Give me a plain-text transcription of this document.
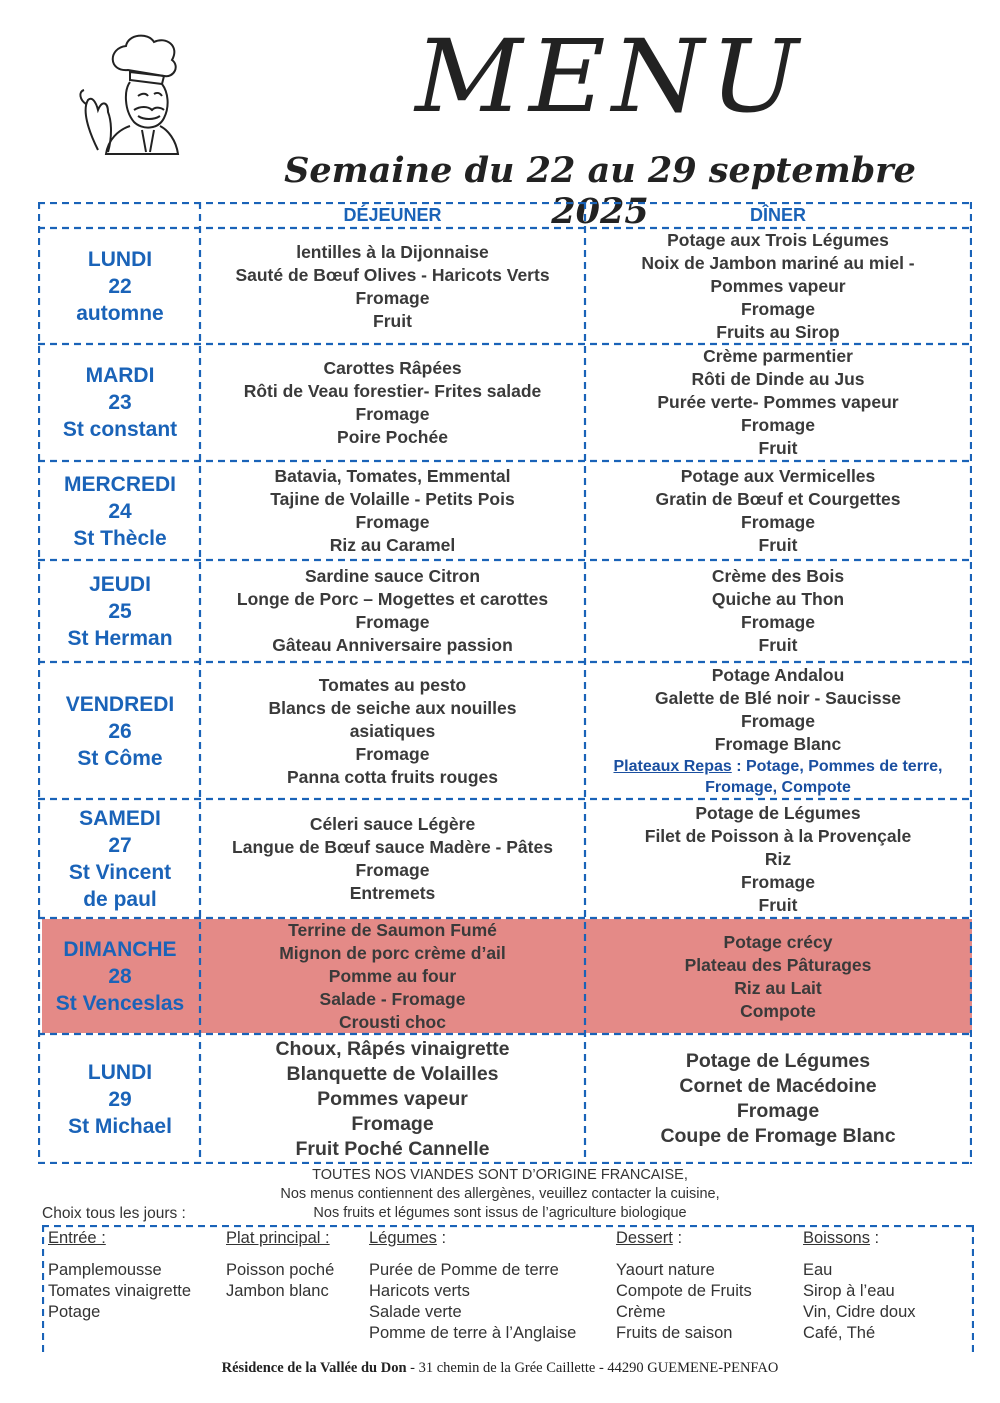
MENU
Semaine du 22 au 29 septembre 2025
DÉJEUNER	DÎNER
LUNDI
22
automne
lentilles à la Dijonnaise
Sauté de Bœuf Olives - Haricots Verts
Fromage
Fruit
Potage aux Trois Légumes
Noix de Jambon mariné au miel -
Pommes vapeur
Fromage
Fruits au Sirop
MARDI
23
St constant
Carottes Râpées
Rôti de Veau forestier- Frites salade
Fromage
Poire Pochée
Crème parmentier
Rôti de Dinde au Jus
Purée verte- Pommes vapeur
Fromage
Fruit
MERCREDI
24
St Thècle
Batavia, Tomates, Emmental
Tajine de Volaille - Petits Pois
Fromage
Riz au Caramel
Potage aux Vermicelles
Gratin de Bœuf et Courgettes
Fromage
Fruit
JEUDI
25
St Herman
Sardine sauce Citron
Longe de Porc – Mogettes et carottes
Fromage
Gâteau Anniversaire passion
Crème des Bois
Quiche au Thon
Fromage
Fruit
VENDREDI
26
St Côme
Tomates au pesto
Blancs de seiche aux nouilles
asiatiques
Fromage
Panna cotta fruits rouges
Potage Andalou
Galette de Blé noir - Saucisse
Fromage
Fromage Blanc
Plateaux Repas : Potage, Pommes de terre, Fromage, Compote
SAMEDI
27
St Vincent de paul
Céleri sauce Légère
Langue de Bœuf sauce Madère - Pâtes
Fromage
Entremets
Potage de Légumes
Filet de Poisson à la Provençale
Riz
Fromage
Fruit
DIMANCHE
28
St Venceslas
Terrine de Saumon Fumé
Mignon de porc crème d’ail
Pomme au four
Salade - Fromage
Crousti choc
Potage crécy
Plateau des Pâturages
Riz au Lait
Compote
LUNDI
29
St Michael
Choux, Râpés vinaigrette
Blanquette de Volailles
Pommes vapeur
Fromage
Fruit Poché Cannelle
Potage de Légumes
Cornet de Macédoine
Fromage
Coupe de Fromage Blanc
TOUTES NOS VIANDES SONT D’ORIGINE FRANCAISE,
Nos menus contiennent des allergènes, veuillez contacter la cuisine,
Nos fruits et légumes sont issus de l’agriculture biologique
Choix tous les jours :
Entrée :
Pamplemousse
Tomates vinaigrette
Potage
Plat principal :
Poisson poché
Jambon blanc
Légumes :
Purée de Pomme de terre
Haricots verts
Salade verte
Pomme de terre à l’Anglaise
Dessert :
Yaourt nature
Compote de Fruits
Crème
Fruits de saison
Boissons :
Eau
Sirop à l’eau
Vin, Cidre doux
Café, Thé
Résidence de la Vallée du Don - 31 chemin de la Grée Caillette - 44290 GUEMENE-PENFAO
